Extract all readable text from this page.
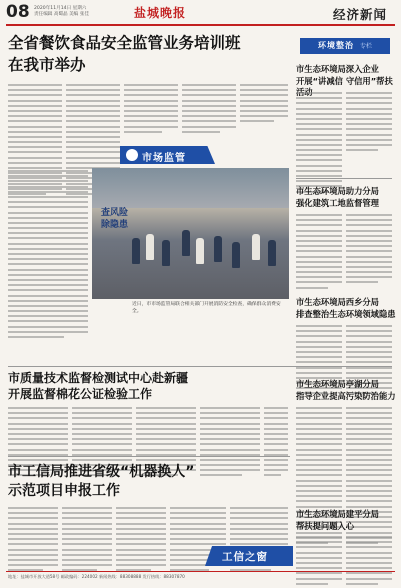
08 2020年11月14日 星期六
责任编辑 高蜀晶 美编 张佳	盐城晚报	经济新闻
全省餐饮食品安全监管业务培训班
在我市举办
环境整治 专栏
市生态环境局深入企业
开展“讲减信 守信用”帮扶
市场监管
查风险
除隐患
近日，市市场监管局联合相关部门开展消防安全检查，确保群众消费安全。
市生态环境局助力分局
强化建筑工地监督管理
市生态环境局西乡分局
排查整治生态环境领域隐患
市质量技术监督检测试中心赴新疆
开展监督棉花公证检验工作
市生态环境局亭湖分局
指导企业提高污染防治能力
市工信局推进省级“机器换人”
示范项目申报工作
市生态环境局建平分局
帮扶提问题入心
工信之窗
地址：盐城市开放大道58号 邮政编码：224002 新闻热线：88308888 发行热线：88307870
